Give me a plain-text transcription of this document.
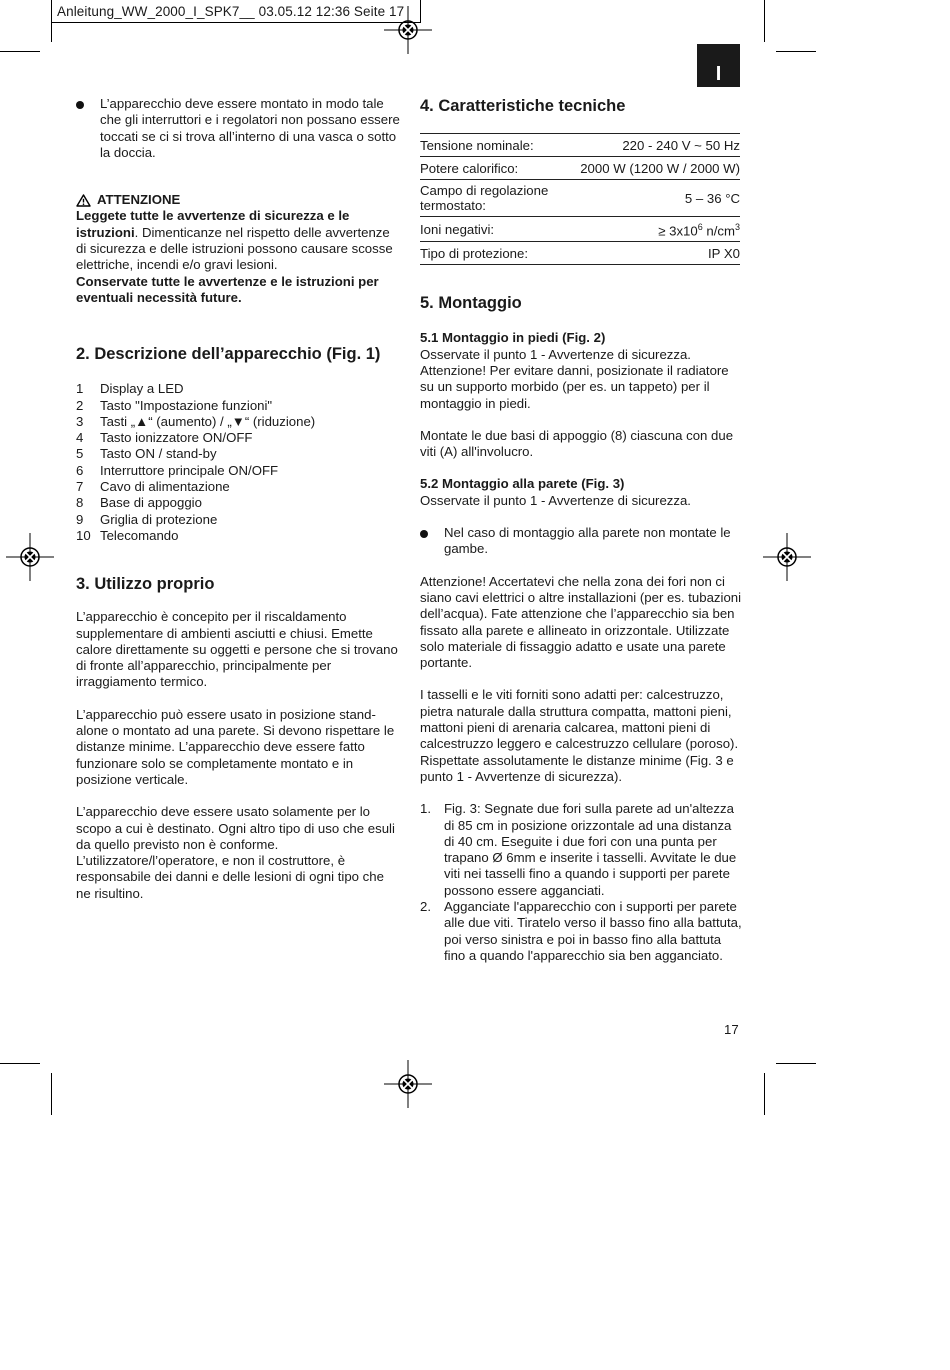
Anleitung_WW_2000_I_SPK7__ 03.05.12 12:36 Seite 17
I

L’apparecchio deve essere montato in modo tale che gli interruttori e i regolatori non possano essere toccati se ci si trova all’interno di una vasca o sotto la doccia.

ATTENZIONE

Leggete tutte le avvertenze di sicurezza e le istruzioni. Dimenticanze nel rispetto delle avvertenze di sicurezza e delle istruzioni possono causare scosse elettriche, incendi e/o gravi lesioni.

Conservate tutte le avvertenze e le istruzioni per eventuali necessità future.

2. Descrizione dell’apparecchio (Fig. 1)
1	Display a LED
2	Tasto "Impostazione funzioni"
3	Tasti „▲“ (aumento) / „▼“ (riduzione)
4	Tasto ionizzatore ON/OFF
5	Tasto ON / stand-by
6	Interruttore principale ON/OFF
7	Cavo di alimentazione
8	Base di appoggio
9	Griglia di protezione
10 Telecomando
3. Utilizzo proprio

L’apparecchio è concepito per il riscaldamento supplementare di ambienti asciutti e chiusi. Emette calore direttamente su oggetti e persone che si trovano di fronte all’apparecchio, principalmente per irraggiamento termico.

L’apparecchio può essere usato in posizione stand-alone o montato ad una parete. Si devono rispettare le distanze minime. L’apparecchio deve essere fatto funzionare solo se completamente montato e in posizione verticale.

L’apparecchio deve essere usato solamente per lo scopo a cui è destinato. Ogni altro tipo di uso che esuli da quello previsto non è conforme. L’utilizzatore/l’operatore, e non il costruttore, è responsabile dei danni e delle lesioni di ogni tipo che ne risultino.

4. Caratteristiche tecniche
Tensione nominale:	220 - 240 V ~ 50 Hz
Potere calorifico:	2000 W (1200 W / 2000 W)
Campo di regolazione termostato:	5 – 36 °C
Ioni negativi:	≥ $3x10^6$ $n/cm^3$
Tipo di protezione:	IP X0
5. Montaggio
5.1 Montaggio in piedi (Fig. 2)

Osservate il punto 1 - Avvertenze di sicurezza. Attenzione! Per evitare danni, posizionate il radiatore su un supporto morbido (per es. un tappeto) per il montaggio in piedi.

Montate le due basi di appoggio (8) ciascuna con due viti (A) all'involucro.

5.2 Montaggio alla parete (Fig. 3)

Osservate il punto 1 - Avvertenze di sicurezza.

Nel caso di montaggio alla parete non montate le gambe.

Attenzione! Accertatevi che nella zona dei fori non ci siano cavi elettrici o altre installazioni (per es. tubazioni dell’acqua). Fate attenzione che l’apparecchio sia ben fissato alla parete e allineato in orizzontale. Utilizzate solo materiale di fissaggio adatto e usate una parete portante.

I tasselli e le viti forniti sono adatti per: calcestruzzo, pietra naturale dalla struttura compatta, mattoni pieni, mattoni pieni di arenaria calcarea, mattoni pieni di calcestruzzo leggero e calcestruzzo cellulare (poroso). Rispettate assolutamente le distanze minime (Fig. 3 e punto 1 - Avvertenze di sicurezza).

1. Fig. 3: Segnate due fori sulla parete ad un'altezza di 85 cm in posizione orizzontale ad una distanza di 40 cm. Eseguite i due fori con una punta per trapano Ø 6mm e inserite i tasselli. Avvitate le due viti nei tasselli fino a quando i supporti per parete possono essere agganciati.
2. Agganciate l'apparecchio con i supporti per parete alle due viti. Tiratelo verso il basso fino alla battuta, poi verso sinistra e poi in basso fino alla battuta fino a quando l'apparecchio sia ben agganciato.
17
